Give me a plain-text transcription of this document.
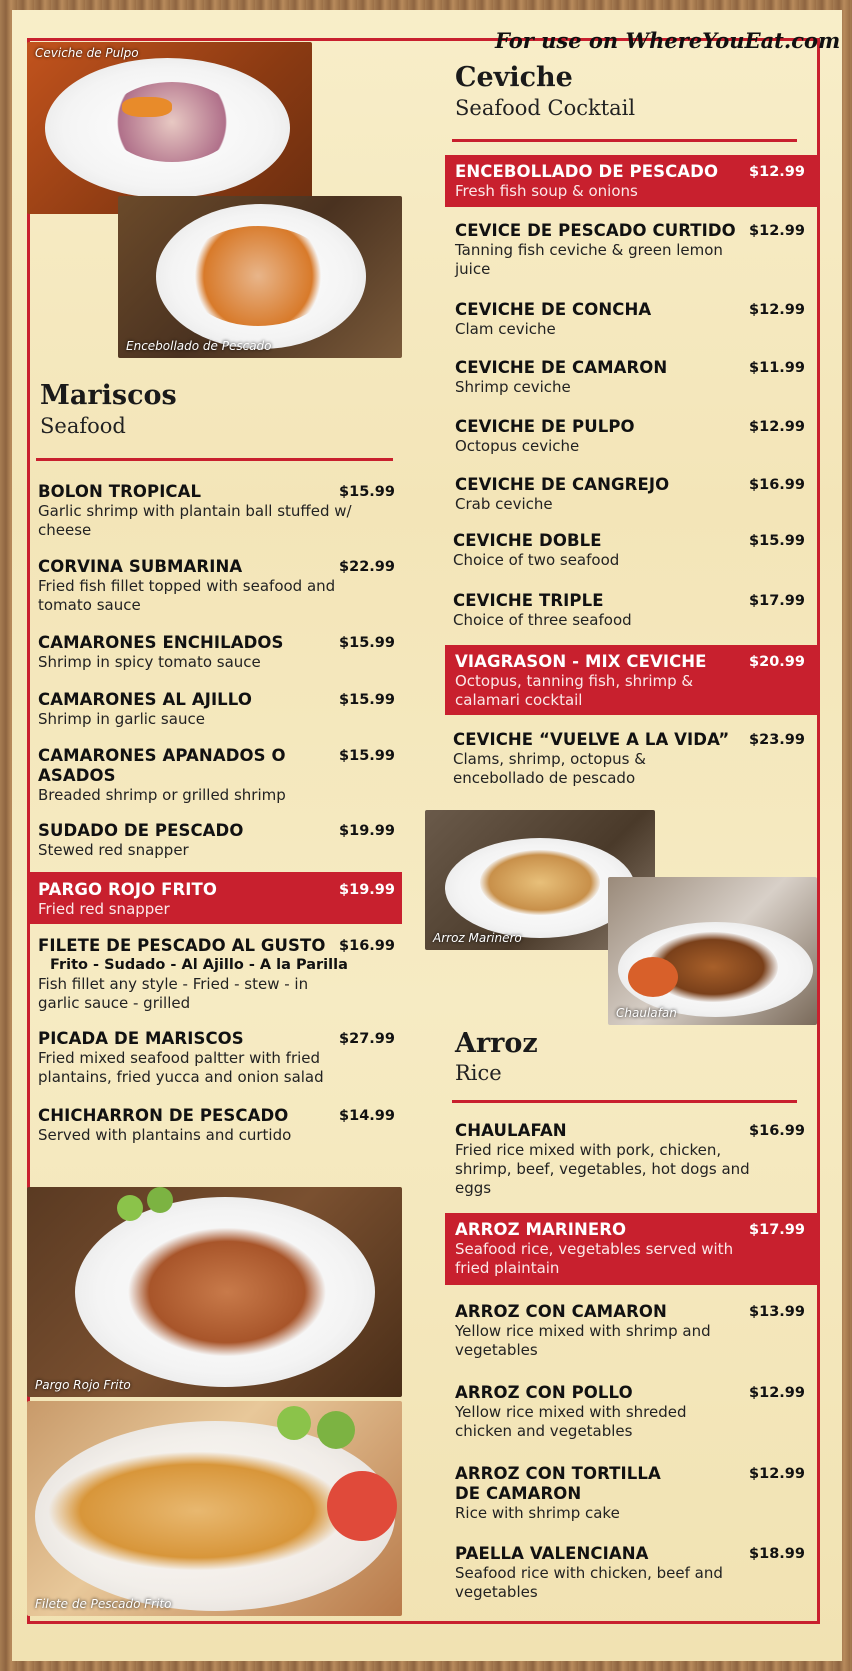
For use on WhereYouEat.com
Ceviche de Pulpo
Encebollado de Pescado
Mariscos
Seafood
BOLON TROPICAL	$15.99
Garlic shrimp with plantain ball stuffed w/ cheese
CORVINA SUBMARINA	$22.99
Fried fish fillet topped with seafood and tomato sauce
CAMARONES ENCHILADOS	$15.99
Shrimp in spicy tomato sauce
CAMARONES AL AJILLO	$15.99
Shrimp in garlic sauce
CAMARONES APANADOS O ASADOS
$15.99
Breaded shrimp or grilled shrimp
SUDADO DE PESCADO	$19.99
Stewed red snapper
PARGO ROJO FRITO	$19.99
Fried red snapper
FILETE DE PESCADO AL GUSTO $16.99
Frito - Sudado - Al Ajillo - A la Parilla
Fish fillet any style - Fried - stew - in garlic sauce - grilled
PICADA DE MARISCOS	$27.99
Fried mixed seafood paltter with fried plantains, fried yucca and onion salad
CHICHARRON DE PESCADO	$14.99
Served with plantains and curtido
Pargo Rojo Frito
Filete de Pescado Frito
Ceviche
Seafood Cocktail
ENCEBOLLADO DE PESCADO	$12.99
Fresh fish soup & onions
CEVICE DE PESCADO CURTIDO $12.99
Tanning fish ceviche & green lemon juice
CEVICHE DE CONCHA	$12.99
Clam ceviche
CEVICHE DE CAMARON	$11.99
Shrimp ceviche
CEVICHE DE PULPO	$12.99
Octopus ceviche
CEVICHE DE CANGREJO	$16.99
Crab ceviche
CEVICHE DOBLE	$15.99
Choice of two seafood
CEVICHE TRIPLE	$17.99
Choice of three seafood
VIAGRASON - MIX CEVICHE	$20.99
Octopus, tanning fish, shrimp & calamari cocktail
CEVICHE “VUELVE A LA VIDA”	$23.99
Clams, shrimp, octopus & encebollado de pescado
Arroz Marinero
Chaulafan
Arroz
Rice
CHAULAFAN	$16.99
Fried rice mixed with pork, chicken, shrimp, beef, vegetables, hot dogs and eggs
ARROZ MARINERO	$17.99
Seafood rice, vegetables served with fried plaintain
ARROZ CON CAMARON	$13.99
Yellow rice mixed with shrimp and vegetables
ARROZ CON POLLO	$12.99
Yellow rice mixed with shreded chicken and vegetables
ARROZ CON TORTILLA DE CAMARON
$12.99
Rice with shrimp cake
PAELLA VALENCIANA	$18.99
Seafood rice with chicken, beef and vegetables
